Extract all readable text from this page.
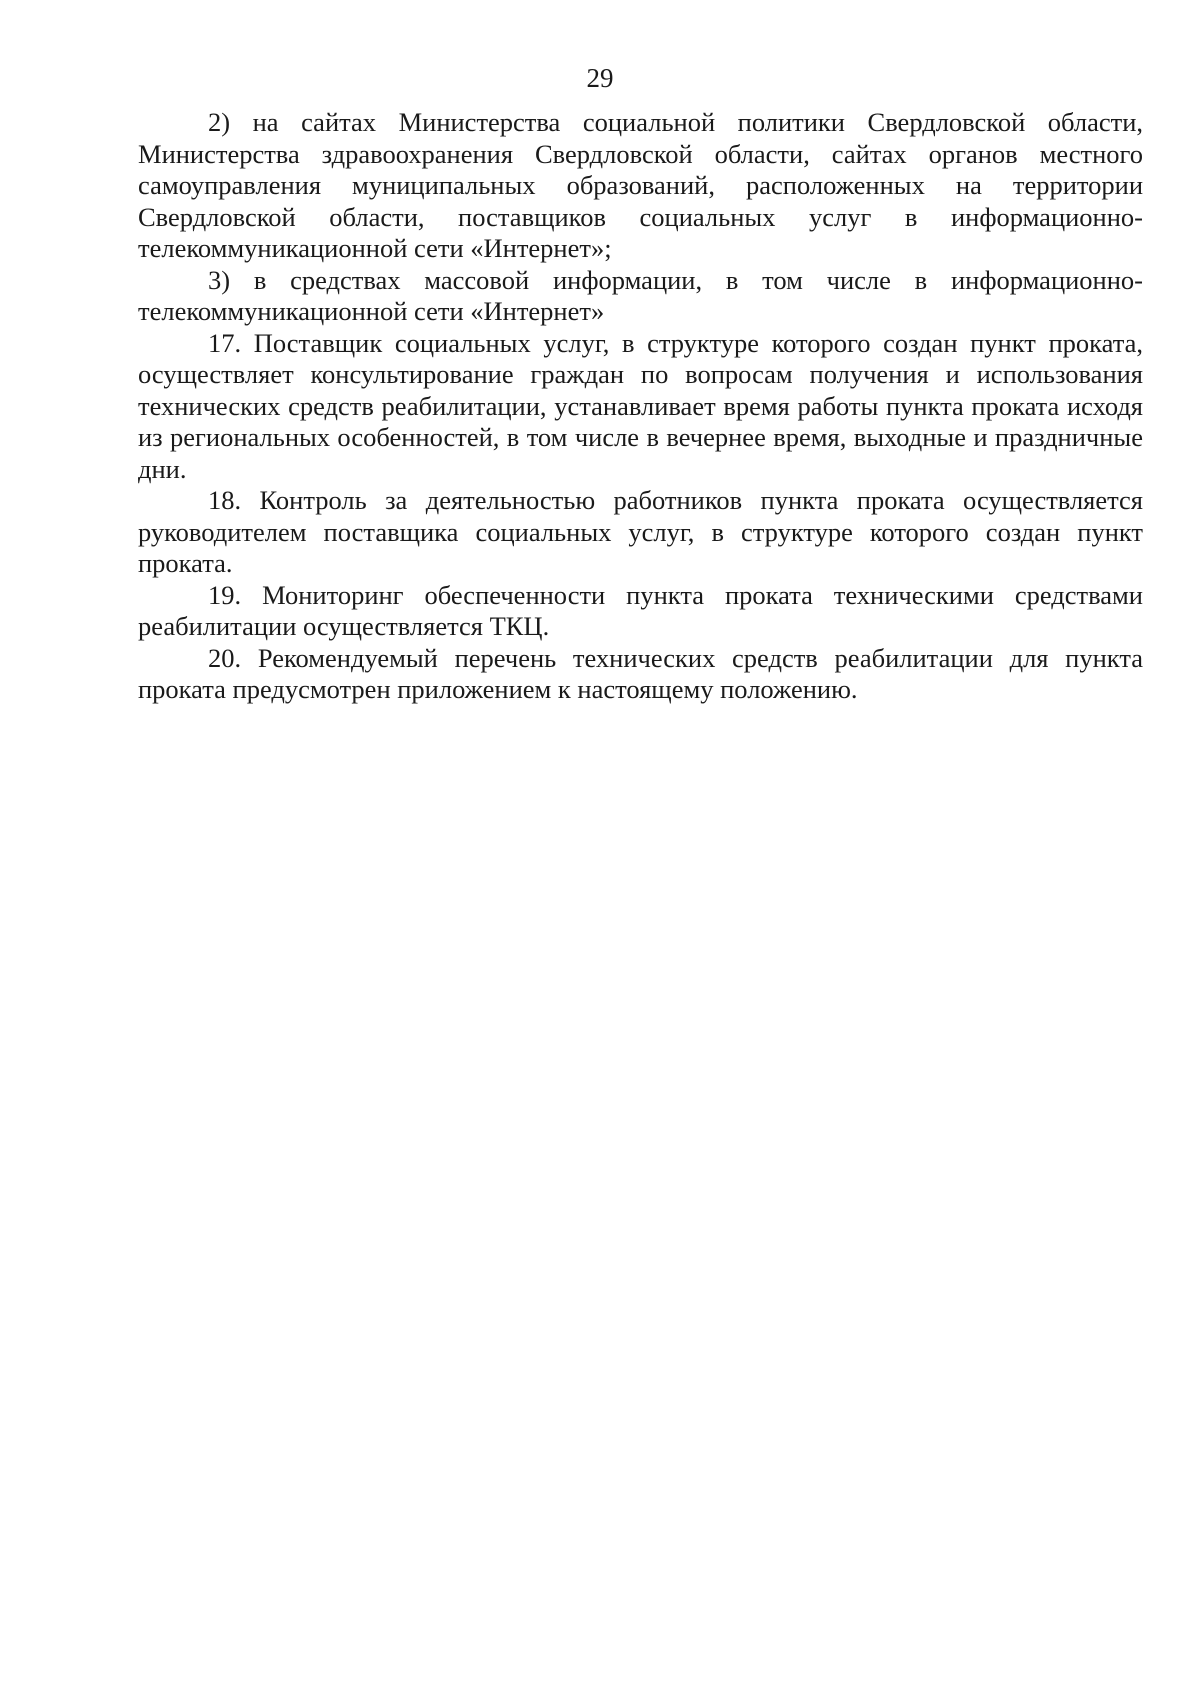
29

2) на сайтах Министерства социальной политики Свердловской области, Министерства здравоохранения Свердловской области, сайтах органов местного самоуправления муниципальных образований, расположенных на территории Свердловской области, поставщиков социальных услуг в информационно-телекоммуникационной сети «Интернет»;

3) в средствах массовой информации, в том числе в информационно-телекоммуникационной сети «Интернет»

17. Поставщик социальных услуг, в структуре которого создан пункт проката, осуществляет консультирование граждан по вопросам получения и использования технических средств реабилитации, устанавливает время работы пункта проката исходя из региональных особенностей, в том числе в вечернее время, выходные и праздничные дни.

18. Контроль за деятельностью работников пункта проката осуществляется руководителем поставщика социальных услуг, в структуре которого создан пункт проката.

19. Мониторинг обеспеченности пункта проката техническими средствами реабилитации осуществляется ТКЦ.

20. Рекомендуемый перечень технических средств реабилитации для пункта проката предусмотрен приложением к настоящему положению.
